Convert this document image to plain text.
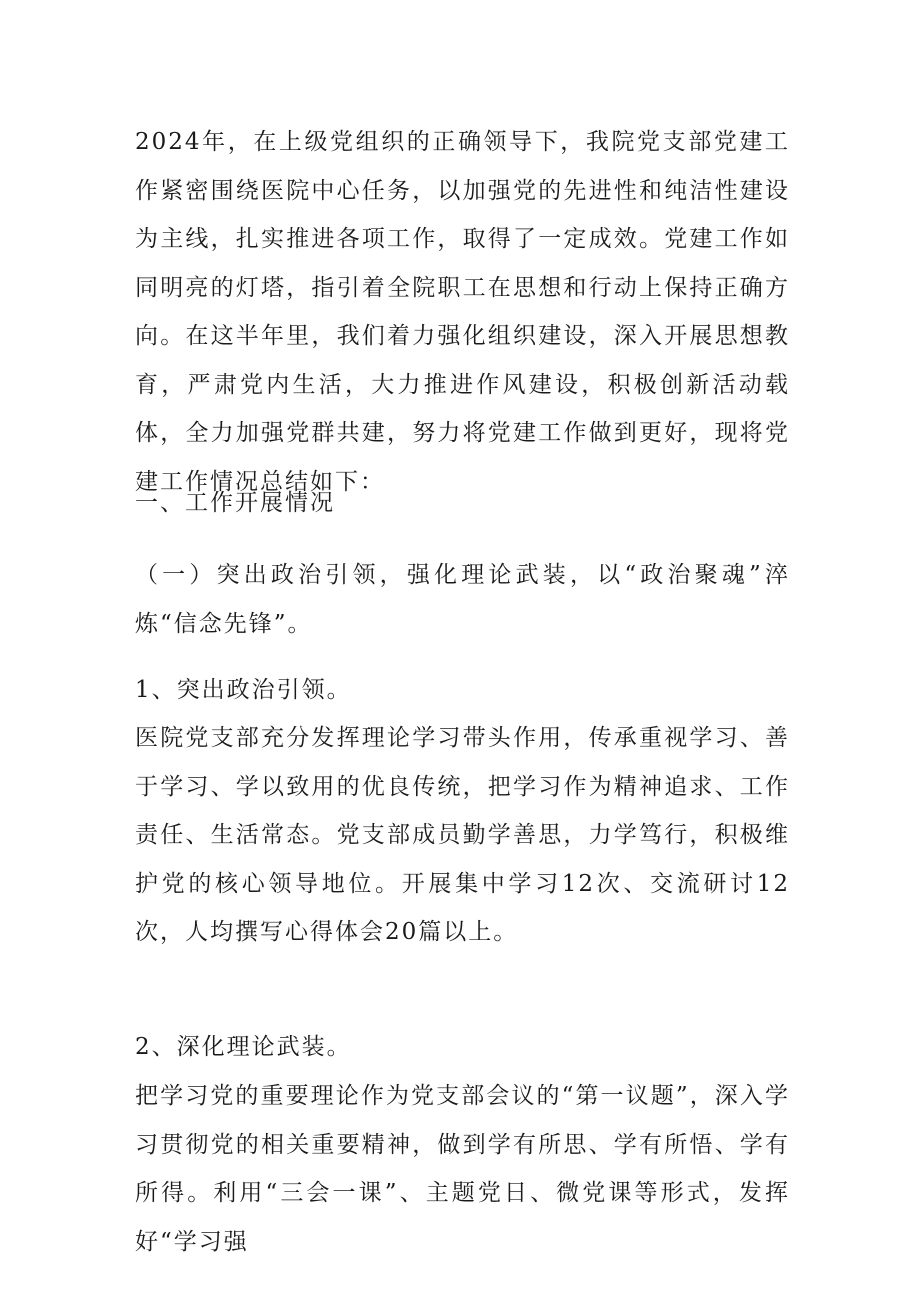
2024年，在上级党组织的正确领导下，我院党支部党建工作紧密围绕医院中心任务，以加强党的先进性和纯洁性建设为主线，扎实推进各项工作，取得了一定成效。党建工作如同明亮的灯塔，指引着全院职工在思想和行动上保持正确方向。在这半年里，我们着力强化组织建设，深入开展思想教育，严肃党内生活，大力推进作风建设，积极创新活动载体，全力加强党群共建，努力将党建工作做到更好，现将党建工作情况总结如下：

一、工作开展情况

（一）突出政治引领，强化理论武装，以“政治聚魂”淬炼“信念先锋”。

1、突出政治引领。

医院党支部充分发挥理论学习带头作用，传承重视学习、善于学习、学以致用的优良传统，把学习作为精神追求、工作责任、生活常态。党支部成员勤学善思，力学笃行，积极维护党的核心领导地位。开展集中学习12次、交流研讨12次，人均撰写心得体会20篇以上。

2、深化理论武装。

把学习党的重要理论作为党支部会议的“第一议题”，深入学习贯彻党的相关重要精神，做到学有所思、学有所悟、学有所得。利用“三会一课”、主题党日、微党课等形式，发挥好“学习强
